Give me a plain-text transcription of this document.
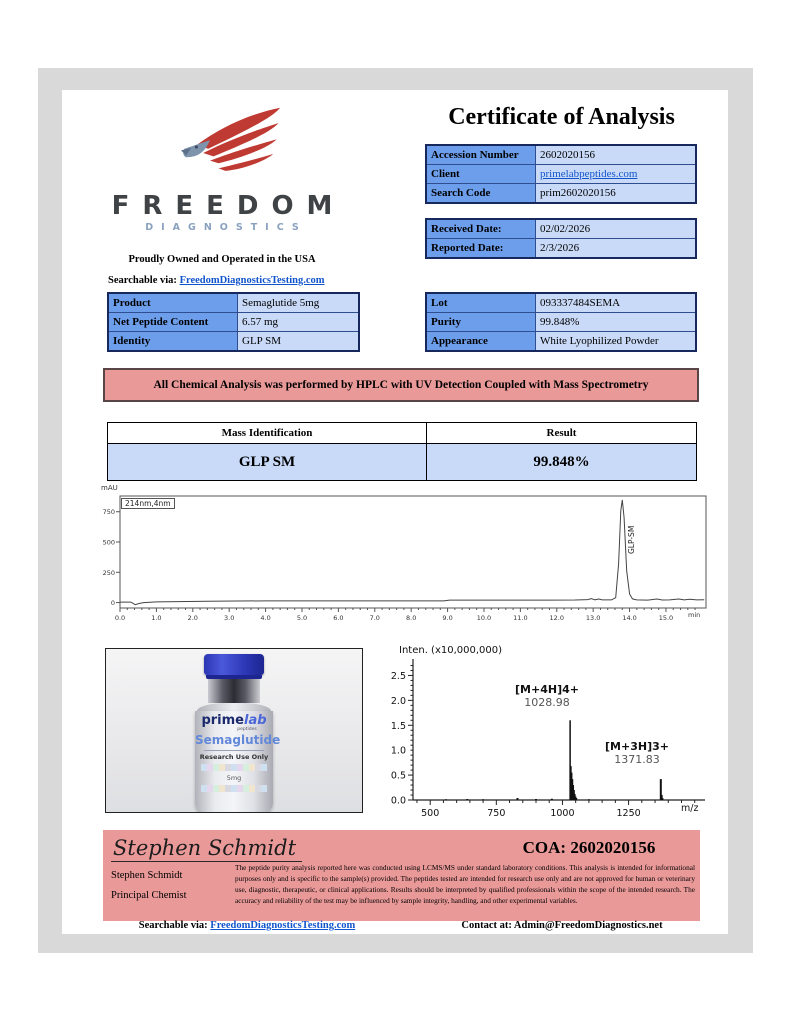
FREEDOM
DIAGNOSTICS
Proudly Owned and Operated in the USA
Searchable via: FreedomDiagnosticsTesting.com
Certificate of Analysis
Accession Number	2602020156
Client	primelabpeptides.com
Search Code	prim2602020156
Received Date:	02/02/2026
Reported Date:	2/3/2026
Product	Semaglutide 5mg
Net Peptide Content	6.57 mg
Identity	GLP SM
Lot	093337484SEMA
Purity	99.848%
Appearance	White Lyophilized Powder
All Chemical Analysis was performed by HPLC with UV Detection Coupled with Mass Spectrometry
Mass Identification	Result
GLP SM	99.848%
0
250
500
750
0.0	1.0	2.0	3.0	4.0	5.0	6.0	7.0	8.0	9.0	10.0	11.0	12.0	13.0	14.0	15.0
mAU
214nm,4nm
min
GLP-SM
primelab
peptides
Semaglutide
Research Use Only
5mg
0.0
0.5
1.0
1.5
2.0
2.5
500	750	1000	1250
Inten. (x10,000,000)
m/z
[M+4H]4+
1028.98
[M+3H]3+
1371.83
Stephen Schmidt
Stephen Schmidt
Principal Chemist
COA: 2602020156
The peptide purity analysis reported here was conducted using LCMS/MS under standard laboratory conditions. This analysis is intended for informational purposes only and is specific to the sample(s) provided. The peptides tested are intended for research use only and are not approved for human or veterinary use, diagnostic, therapeutic, or clinical applications. Results should be interpreted by qualified professionals within the scope of the intended research. The accuracy and reliability of the test may be influenced by sample integrity, handling, and other experimental variables.
Searchable via: FreedomDiagnosticsTesting.com	Contact at: Admin@FreedomDiagnostics.net
